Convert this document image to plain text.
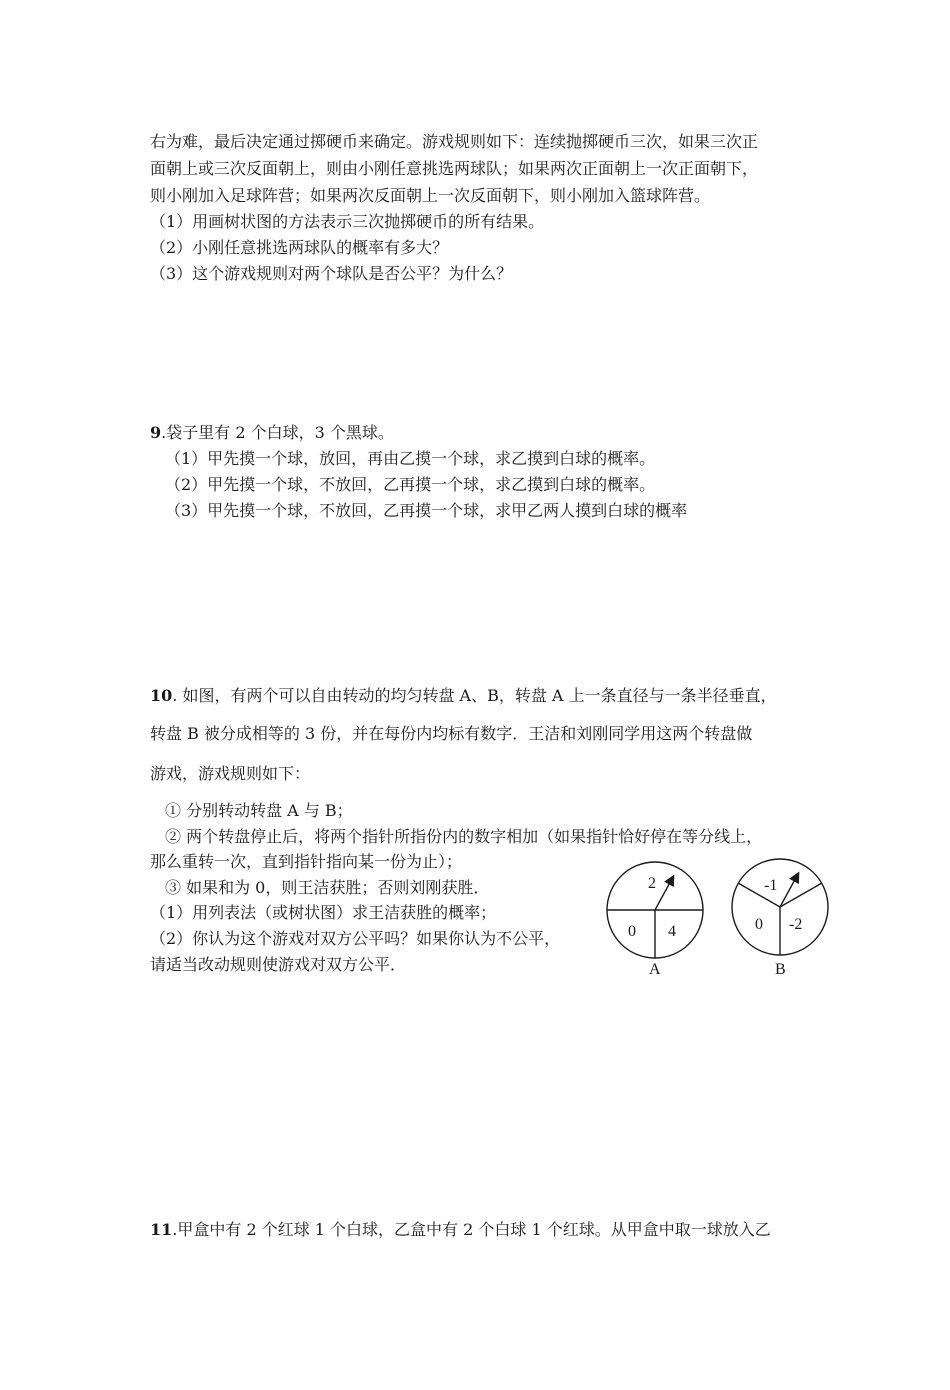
右为难，最后决定通过掷硬币来确定。游戏规则如下：连续抛掷硬币三次，如果三次正
面朝上或三次反面朝上，则由小刚任意挑选两球队；如果两次正面朝上一次正面朝下，
则小刚加入足球阵营；如果两次反面朝上一次反面朝下，则小刚加入篮球阵营。
（1）用画树状图的方法表示三次抛掷硬币的所有结果。
（2）小刚任意挑选两球队的概率有多大？
（3）这个游戏规则对两个球队是否公平？为什么？
9.袋子里有 2 个白球，3 个黑球。
（1）甲先摸一个球，放回，再由乙摸一个球，求乙摸到白球的概率。
（2）甲先摸一个球，不放回，乙再摸一个球，求乙摸到白球的概率。
（3）甲先摸一个球，不放回，乙再摸一个球，求甲乙两人摸到白球的概率
10. 如图，有两个可以自由转动的均匀转盘 A、B，转盘 A 上一条直径与一条半径垂直，
转盘 B 被分成相等的 3 份，并在每份内均标有数字．王洁和刘刚同学用这两个转盘做
游戏，游戏规则如下：
① 分别转动转盘 A 与 B；
② 两个转盘停止后，将两个指针所指份内的数字相加（如果指针恰好停在等分线上，
那么重转一次，直到指针指向某一份为止）；
③ 如果和为 0，则王洁获胜；否则刘刚获胜．
（1）用列表法（或树状图）求王洁获胜的概率；
（2）你认为这个游戏对双方公平吗？如果你认为不公平，
请适当改动规则使游戏对双方公平．
2
0 4
A
-1
0 -2
B
11.甲盒中有 2 个红球 1 个白球，乙盒中有 2 个白球 1 个红球。从甲盒中取一球放入乙
